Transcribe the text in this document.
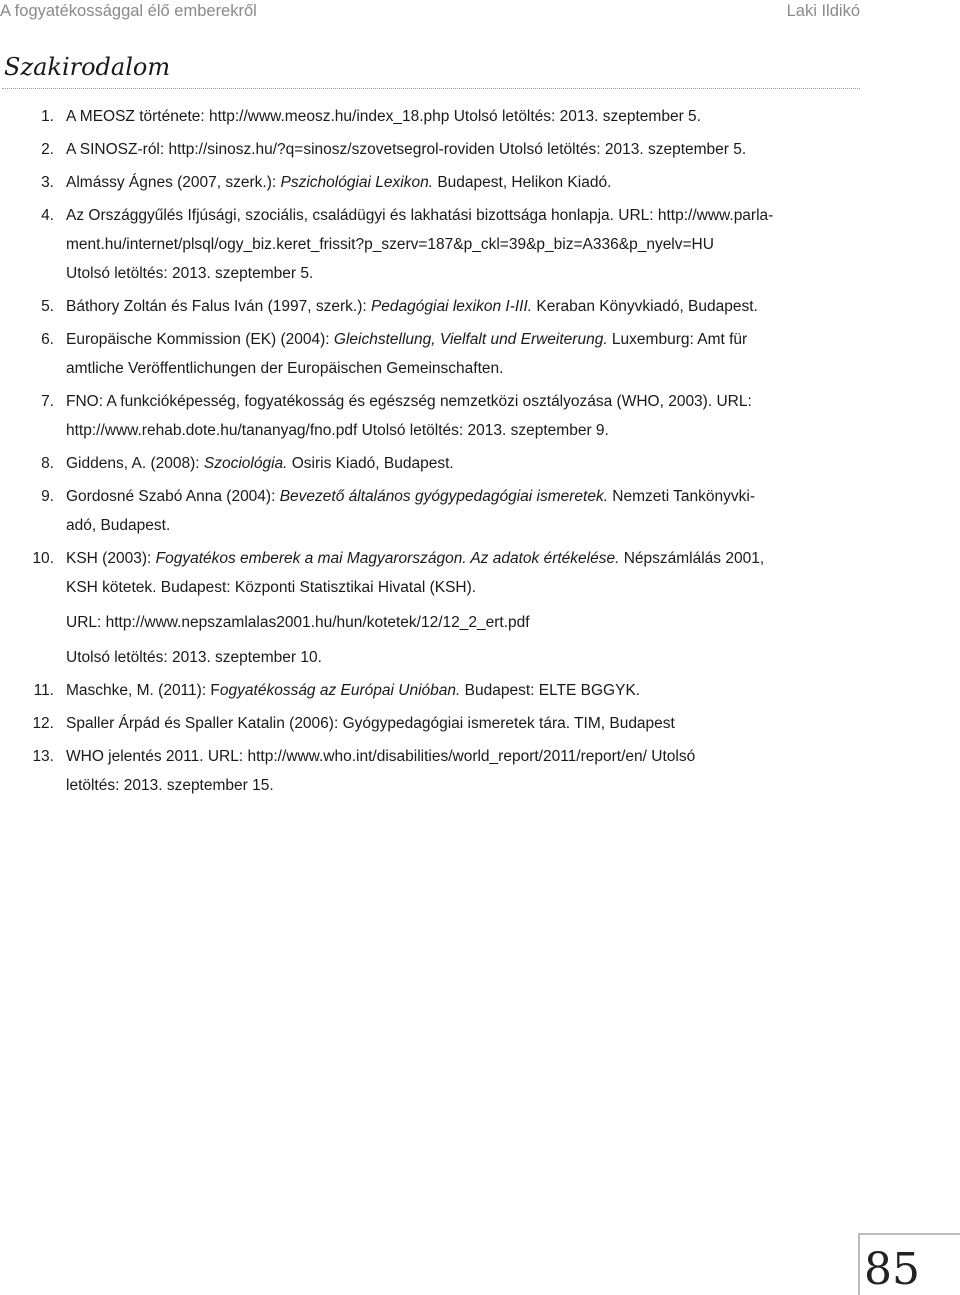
A fogyatékossággal élő emberekről	Laki Ildikó
Szakirodalom
1. A MEOSZ története: http://www.meosz.hu/index_18.php Utolsó letöltés: 2013. szeptember 5.
2. A SINOSZ-ról: http://sinosz.hu/?q=sinosz/szovetsegrol-roviden Utolsó letöltés: 2013. szeptember 5.
3. Almássy Ágnes (2007, szerk.): Pszichológiai Lexikon. Budapest, Helikon Kiadó.
4. Az Országgyűlés Ifjúsági, szociális, családügyi és lakhatási bizottsága honlapja. URL: http://www.parla-
ment.hu/internet/plsql/ogy_biz.keret_frissit?p_szerv=187&p_ckl=39&p_biz=A336&p_nyelv=HU
Utolsó letöltés: 2013. szeptember 5.
5. Báthory Zoltán és Falus Iván (1997, szerk.): Pedagógiai lexikon I-III. Keraban Könyvkiadó, Budapest.
6. Europäische Kommission (EK) (2004): Gleichstellung, Vielfalt und Erweiterung. Luxemburg: Amt für
amtliche Veröffentlichungen der Europäischen Gemeinschaften.
7. FNO: A funkcióképesség, fogyatékosság és egészség nemzetközi osztályozása (WHO, 2003). URL:
http://www.rehab.dote.hu/tananyag/fno.pdf Utolsó letöltés: 2013. szeptember 9.
8. Giddens, A. (2008): Szociológia. Osiris Kiadó, Budapest.
9. Gordosné Szabó Anna (2004): Bevezető általános gyógypedagógiai ismeretek. Nemzeti Tankönyvki-
adó, Budapest.
10. KSH (2003): Fogyatékos emberek a mai Magyarországon. Az adatok értékelése. Népszámlálás 2001,
KSH kötetek. Budapest: Központi Statisztikai Hivatal (KSH).
URL: http://www.nepszamlalas2001.hu/hun/kotetek/12/12_2_ert.pdf
Utolsó letöltés: 2013. szeptember 10.
11. Maschke, M. (2011): Fogyatékosság az Európai Unióban. Budapest: ELTE BGGYK.
12. Spaller Árpád és Spaller Katalin (2006): Gyógypedagógiai ismeretek tára. TIM, Budapest
13. WHO jelentés 2011. URL: http://www.who.int/disabilities/world_report/2011/report/en/ Utolsó
letöltés: 2013. szeptember 15.
85
